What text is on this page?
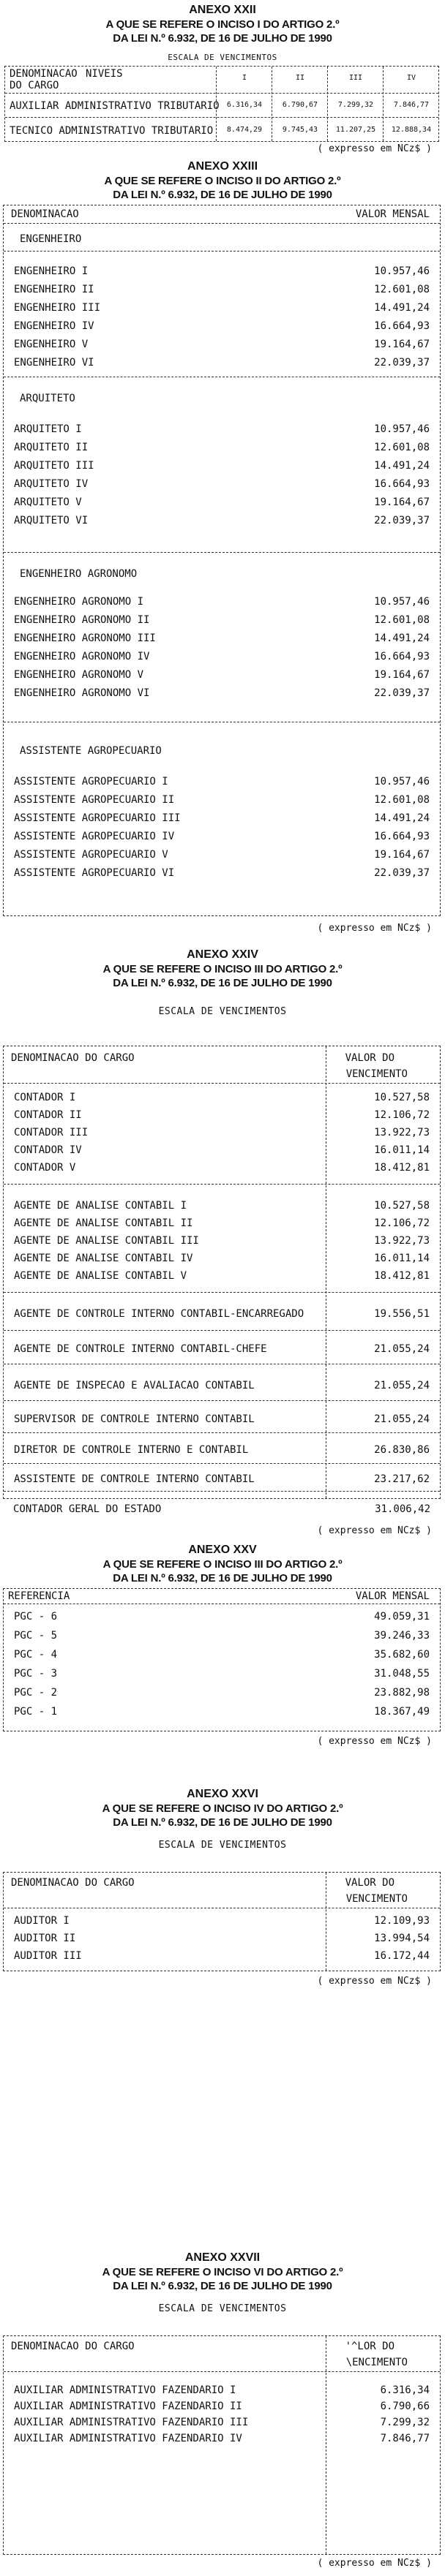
ANEXO XXII
A QUE SE REFERE O INCISO I DO ARTIGO 2.º
DA LEI N.º 6.932, DE 16 DE JULHO DE 1990
ESCALA DE VENCIMENTOS
DENOMINACAO NIVEIS
DO CARGO
I	II	III	IV
AUXILIAR ADMINISTRATIVO TRIBUTARIO	6.316,34	6.790,67	7.299,32	7.846,77
TECNICO ADMINISTRATIVO TRIBUTARIO	8.474,29	9.745,43	11.207,25	12.888,34
( expresso em NCz$ )
ANEXO XXIII
A QUE SE REFERE O INCISO II DO ARTIGO 2.º
DA LEI N.º 6.932, DE 16 DE JULHO DE 1990
DENOMINACAO	VALOR MENSAL
ENGENHEIRO
ENGENHEIRO I	10.957,46
ENGENHEIRO II	12.601,08
ENGENHEIRO III	14.491,24
ENGENHEIRO IV	16.664,93
ENGENHEIRO V	19.164,67
ENGENHEIRO VI	22.039,37
ARQUITETO
ARQUITETO I	10.957,46
ARQUITETO II	12.601,08
ARQUITETO III	14.491,24
ARQUITETO IV	16.664,93
ARQUITETO V	19.164,67
ARQUITETO VI	22.039,37
ENGENHEIRO AGRONOMO
ENGENHEIRO AGRONOMO I	10.957,46
ENGENHEIRO AGRONOMO II	12.601,08
ENGENHEIRO AGRONOMO III	14.491,24
ENGENHEIRO AGRONOMO IV	16.664,93
ENGENHEIRO AGRONOMO V	19.164,67
ENGENHEIRO AGRONOMO VI	22.039,37
ASSISTENTE AGROPECUARIO
ASSISTENTE AGROPECUARIO I	10.957,46
ASSISTENTE AGROPECUARIO II	12.601,08
ASSISTENTE AGROPECUARIO III	14.491,24
ASSISTENTE AGROPECUARIO IV	16.664,93
ASSISTENTE AGROPECUARIO V	19.164,67
ASSISTENTE AGROPECUARIO VI	22.039,37
( expresso em NCz$ )
ANEXO XXIV
A QUE SE REFERE O INCISO III DO ARTIGO 2.º
DA LEI N.º 6.932, DE 16 DE JULHO DE 1990
ESCALA DE VENCIMENTOS
DENOMINACAO DO CARGO	VALOR DO
VENCIMENTO
CONTADOR I	10.527,58
CONTADOR II	12.106,72
CONTADOR III	13.922,73
CONTADOR IV	16.011,14
CONTADOR V	18.412,81
AGENTE DE ANALISE CONTABIL I	10.527,58
AGENTE DE ANALISE CONTABIL II	12.106,72
AGENTE DE ANALISE CONTABIL III	13.922,73
AGENTE DE ANALISE CONTABIL IV	16.011,14
AGENTE DE ANALISE CONTABIL V	18.412,81
AGENTE DE CONTROLE INTERNO CONTABIL-ENCARREGADO	19.556,51
AGENTE DE CONTROLE INTERNO CONTABIL-CHEFE	21.055,24
AGENTE DE INSPECAO E AVALIACAO CONTABIL	21.055,24
SUPERVISOR DE CONTROLE INTERNO CONTABIL	21.055,24
DIRETOR DE CONTROLE INTERNO E CONTABIL	26.830,86
ASSISTENTE DE CONTROLE INTERNO CONTABIL	23.217,62
CONTADOR GERAL DO ESTADO	31.006,42
( expresso em NCz$ )
ANEXO XXV
A QUE SE REFERE O INCISO III DO ARTIGO 2.º
DA LEI N.º 6.932, DE 16 DE JULHO DE 1990
REFERENCIA	VALOR MENSAL
PGC - 6	49.059,31
PGC - 5	39.246,33
PGC - 4	35.682,60
PGC - 3	31.048,55
PGC - 2	23.882,98
PGC - 1	18.367,49
( expresso em NCz$ )
ANEXO XXVI
A QUE SE REFERE O INCISO IV DO ARTIGO 2.º
DA LEI N.º 6.932, DE 16 DE JULHO DE 1990
ESCALA DE VENCIMENTOS
DENOMINACAO DO CARGO	VALOR DO
VENCIMENTO
AUDITOR I	12.109,93
AUDITOR II	13.994,54
AUDITOR III	16.172,44
( expresso em NCz$ )
ANEXO XXVII
A QUE SE REFERE O INCISO VI DO ARTIGO 2.º
DA LEI N.º 6.932, DE 16 DE JULHO DE 1990
ESCALA DE VENCIMENTOS
DENOMINACAO DO CARGO	'^LOR DO
\ENCIMENTO
AUXILIAR ADMINISTRATIVO FAZENDARIO I	6.316,34
AUXILIAR ADMINISTRATIVO FAZENDARIO II	6.790,66
AUXILIAR ADMINISTRATIVO FAZENDARIO III	7.299,32
AUXILIAR ADMINISTRATIVO FAZENDARIO IV	7.846,77
( expresso em NCz$ )
